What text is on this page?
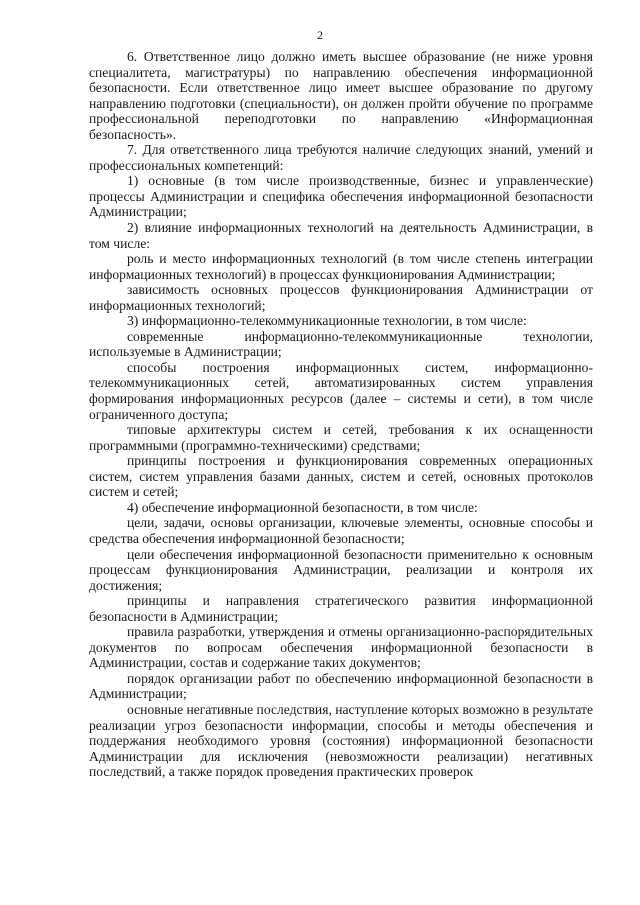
2

6. Ответственное лицо должно иметь высшее образование (не ниже уровня специалитета, магистратуры) по направлению обеспечения информационной безопасности. Если ответственное лицо имеет высшее образование по другому направлению подготовки (специальности), он должен пройти обучение по программе профессиональной переподготовки по направлению «Информационная безопасность».

7. Для ответственного лица требуются наличие следующих знаний, умений и профессиональных компетенций:

1) основные (в том числе производственные, бизнес и управленческие) процессы Администрации и специфика обеспечения информационной безопасности Администрации;

2) влияние информационных технологий на деятельность Администрации, в том числе:

роль и место информационных технологий (в том числе степень интеграции информационных технологий) в процессах функционирования Администрации;

зависимость основных процессов функционирования Администрации от информационных технологий;

3) информационно-телекоммуникационные технологии, в том числе:

современные информационно-телекоммуникационные технологии, используемые в Администрации;

способы построения информационных систем, информационно-телекоммуникационных сетей, автоматизированных систем управления формирования информационных ресурсов (далее – системы и сети), в том числе ограниченного доступа;

типовые архитектуры систем и сетей, требования к их оснащенности программными (программно-техническими) средствами;

принципы построения и функционирования современных операционных систем, систем управления базами данных, систем и сетей, основных протоколов систем и сетей;

4) обеспечение информационной безопасности, в том числе:

цели, задачи, основы организации, ключевые элементы, основные способы и средства обеспечения информационной безопасности;

цели обеспечения информационной безопасности применительно к основным процессам функционирования Администрации, реализации и контроля их достижения;

принципы и направления стратегического развития информационной безопасности в Администрации;

правила разработки, утверждения и отмены организационно-распорядительных документов по вопросам обеспечения информационной безопасности в Администрации, состав и содержание таких документов;

порядок организации работ по обеспечению информационной безопасности в Администрации;

основные негативные последствия, наступление которых возможно в результате реализации угроз безопасности информации, способы и методы обеспечения и поддержания необходимого уровня (состояния) информационной безопасности Администрации для исключения (невозможности реализации) негативных последствий, а также порядок проведения практических проверок
